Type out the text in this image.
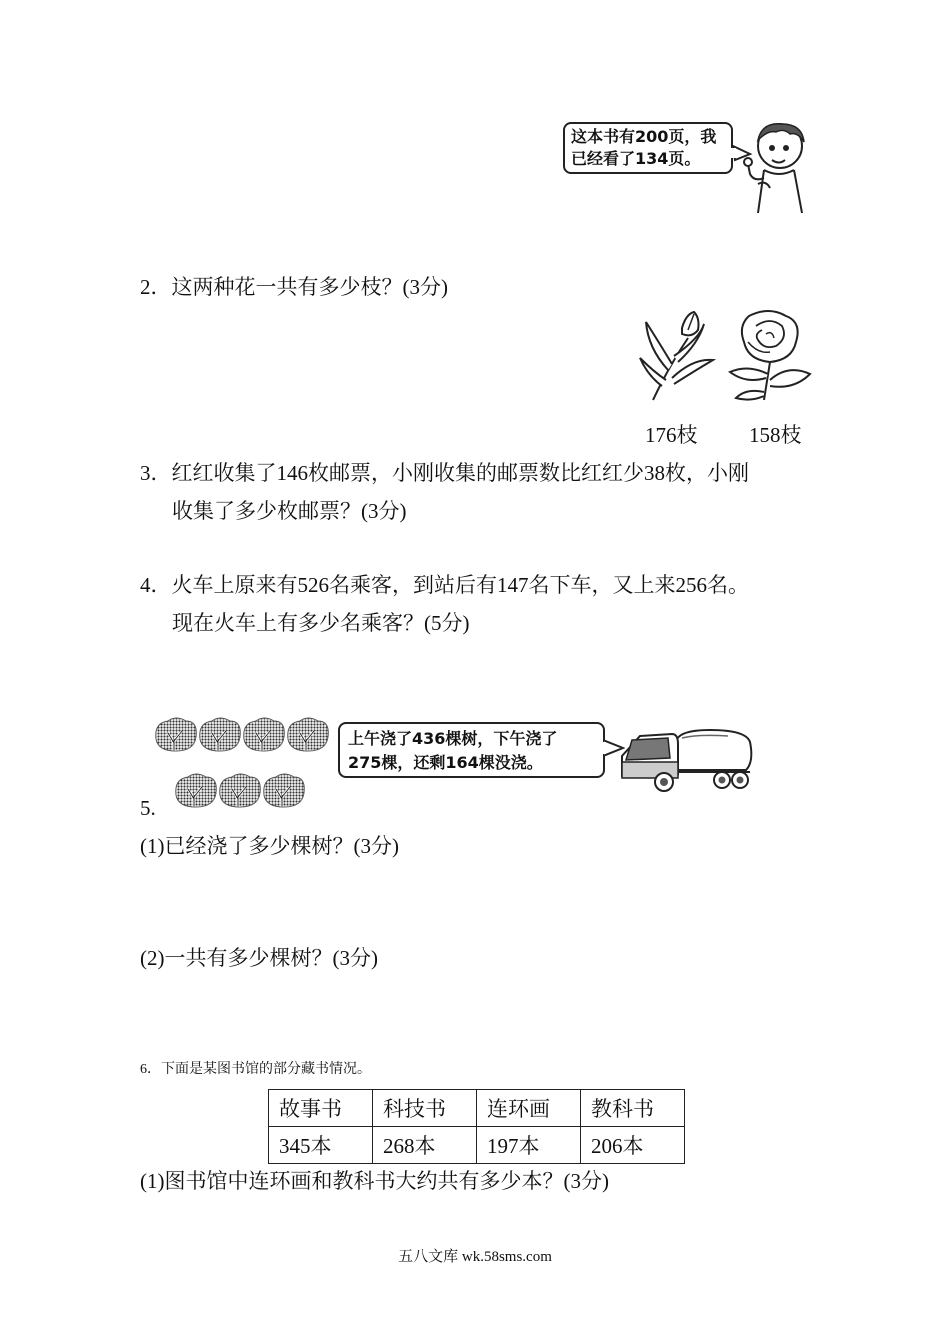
这本书有200页，我
已经看了134页。
2．这两种花一共有多少枝？(3分)
176枝 158枝
3．红红收集了146枚邮票，小刚收集的邮票数比红红少38枚，小刚
收集了多少枚邮票？(3分)
4．火车上原来有526名乘客，到站后有147名下车，又上来256名。
现在火车上有多少名乘客？(5分)
5.
上午浇了436棵树，下午浇了
275棵，还剩164棵没浇。
(1)已经浇了多少棵树？(3分)
(2)一共有多少棵树？(3分)
6．下面是某图书馆的部分藏书情况。
故事书	科技书	连环画	教科书
345本	268本	197本	206本
(1)图书馆中连环画和教科书大约共有多少本？(3分)
五八文库 wk.58sms.com
